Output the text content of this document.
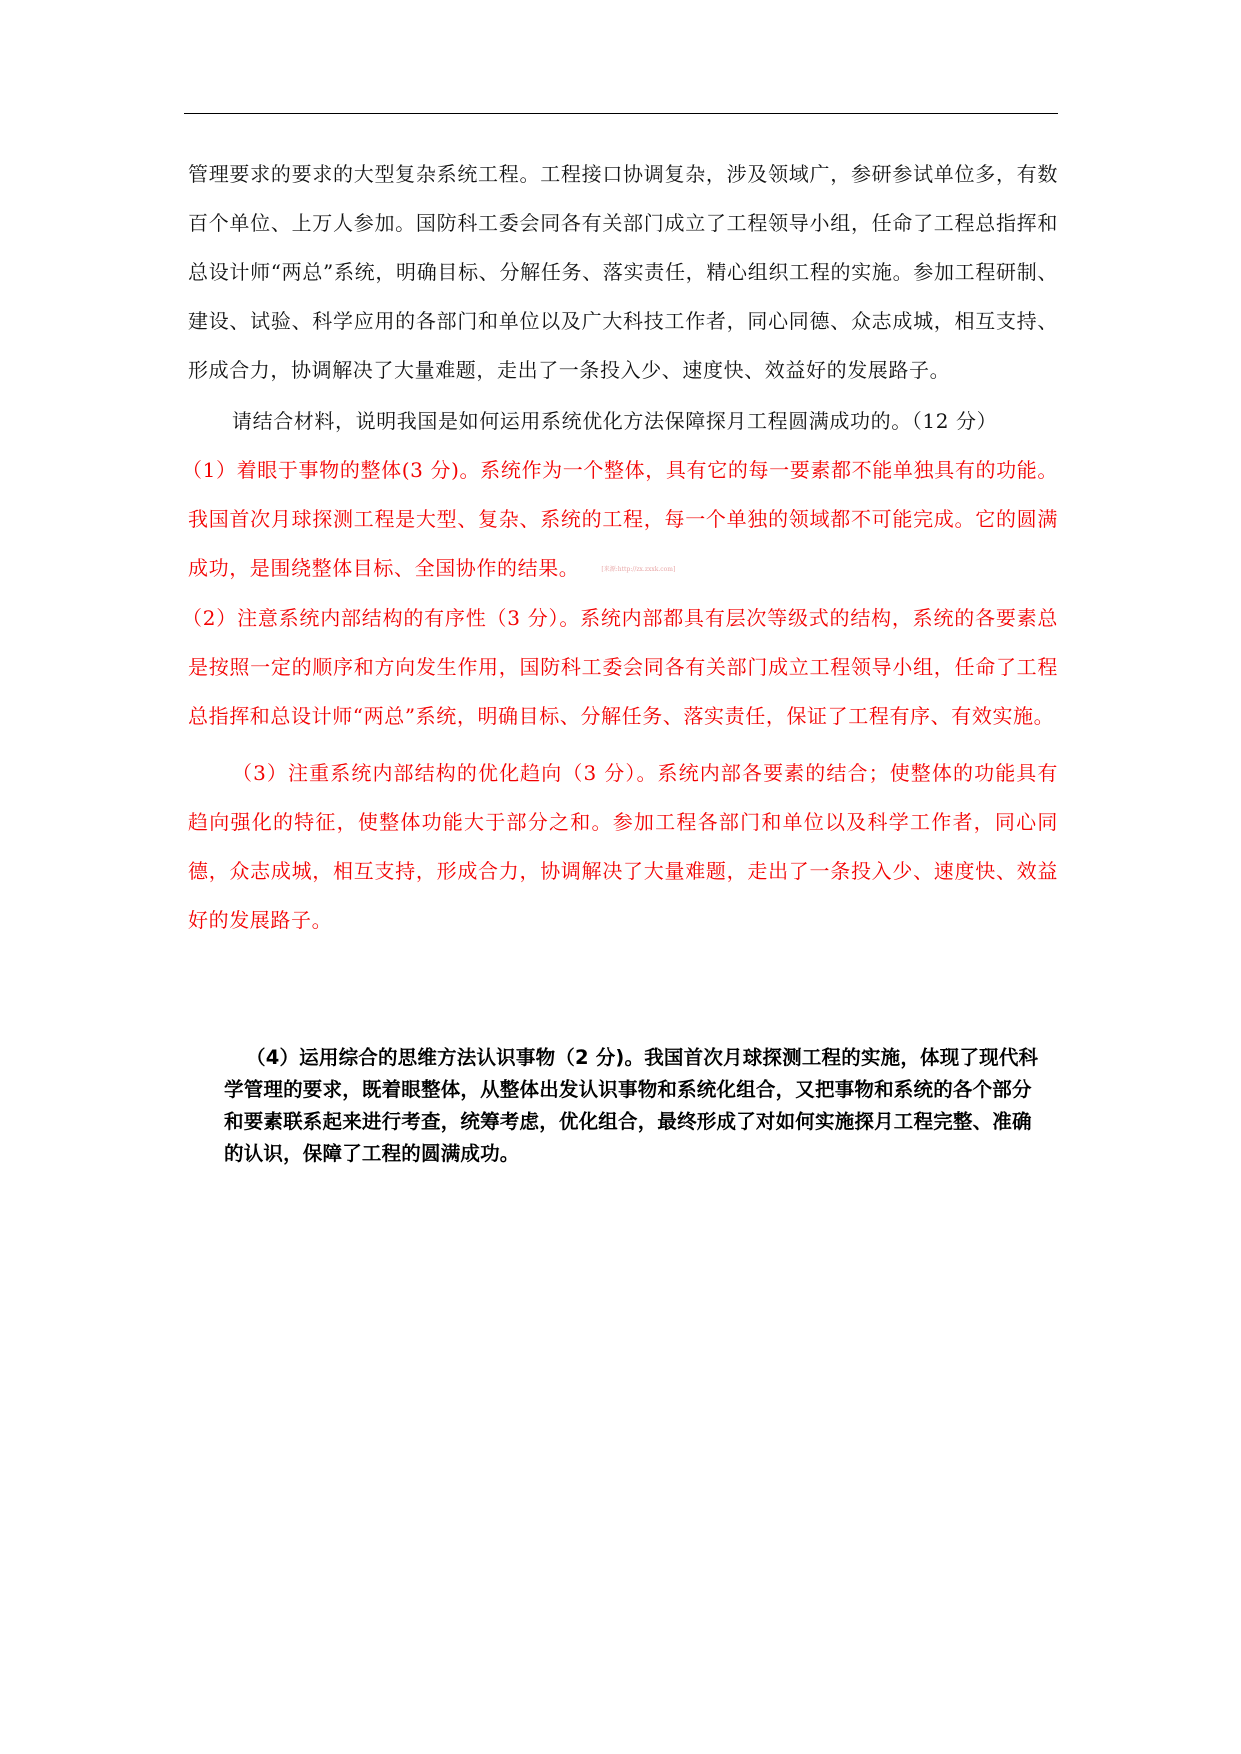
管理要求的要求的大型复杂系统工程。工程接口协调复杂，涉及领域广，参研参试单位多，有数百个单位、上万人参加。国防科工委会同各有关部门成立了工程领导小组，任命了工程总指挥和总设计师“两总”系统，明确目标、分解任务、落实责任，精心组织工程的实施。参加工程研制、建设、试验、科学应用的各部门和单位以及广大科技工作者，同心同德、众志成城，相互支持、形成合力，协调解决了大量难题，走出了一条投入少、速度快、效益好的发展路子。

请结合材料，说明我国是如何运用系统优化方法保障探月工程圆满成功的。（12 分）

（1）着眼于事物的整体(3 分)。系统作为一个整体，具有它的每一要素都不能单独具有的功能。我国首次月球探测工程是大型、复杂、系统的工程，每一个单独的领域都不可能完成。它的圆满成功，是围绕整体目标、全国协作的结果。	[来源:http://zx.zxxk.com]

（2）注意系统内部结构的有序性（3 分）。系统内部都具有层次等级式的结构，系统的各要素总是按照一定的顺序和方向发生作用，国防科工委会同各有关部门成立工程领导小组，任命了工程总指挥和总设计师“两总”系统，明确目标、分解任务、落实责任，保证了工程有序、有效实施。

（3）注重系统内部结构的优化趋向（3 分）。系统内部各要素的结合；使整体的功能具有趋向强化的特征，使整体功能大于部分之和。参加工程各部门和单位以及科学工作者，同心同德，众志成城，相互支持，形成合力，协调解决了大量难题，走出了一条投入少、速度快、效益好的发展路子。

（4）运用综合的思维方法认识事物（2 分)。我国首次月球探测工程的实施，体现了现代科学管理的要求，既着眼整体，从整体出发认识事物和系统化组合，又把事物和系统的各个部分和要素联系起来进行考查，统筹考虑，优化组合，最终形成了对如何实施探月工程完整、准确的认识，保障了工程的圆满成功。
